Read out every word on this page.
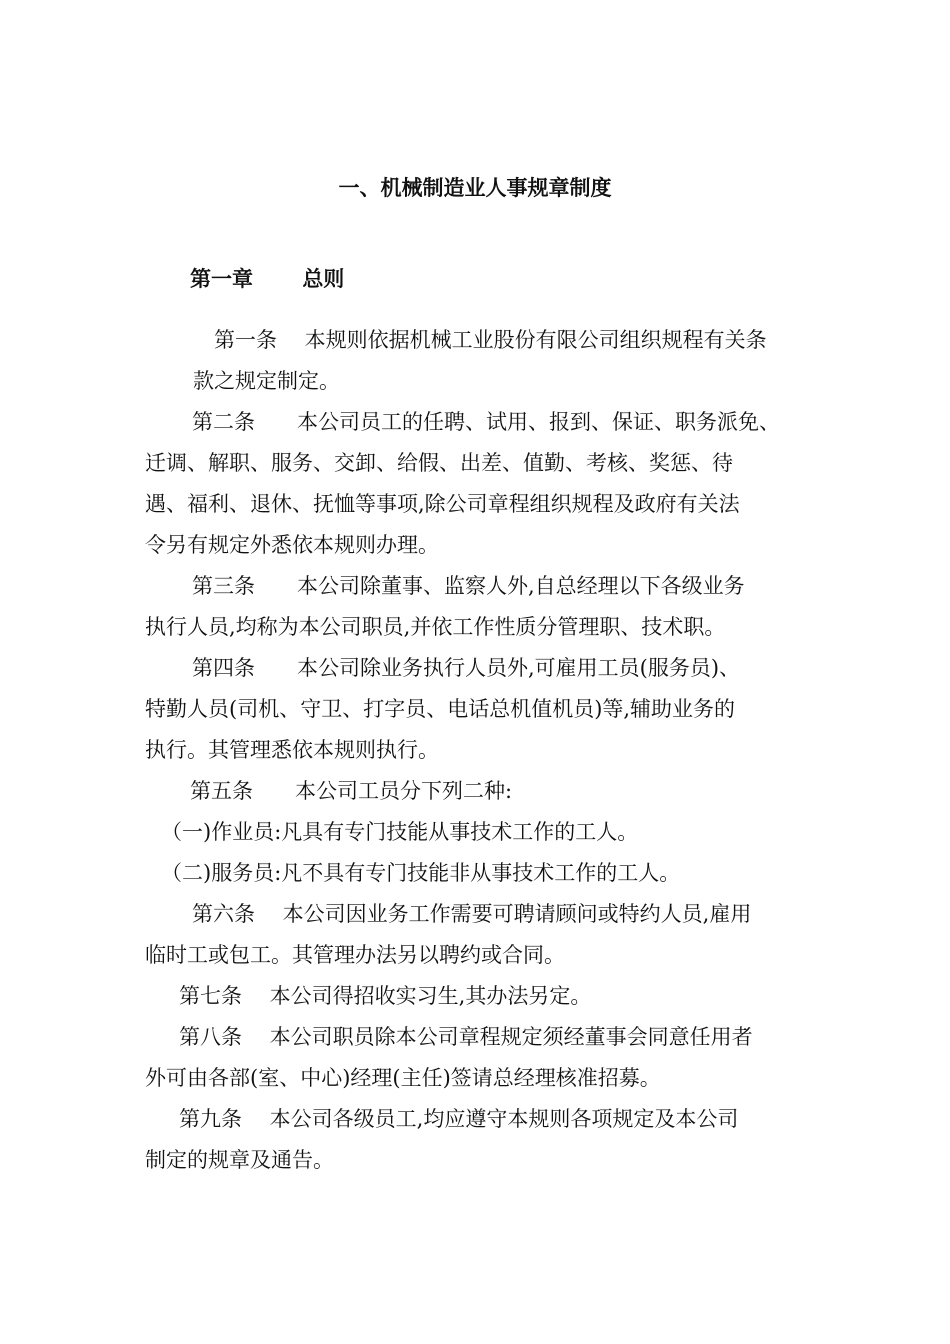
一、机械制造业人事规章制度
第一章　　 总则
　第一条　 本规则依据机械工业股份有限公司组织规程有关条
款之规定制定。
　第二条　　本公司员工的任聘、试用、报到、保证、职务派免、
迁调、解职、服务、交卸、给假、出差、值勤、考核、奖惩、待
遇、福利、退休、抚恤等事项,除公司章程组织规程及政府有关法
令另有规定外悉依本规则办理。
　第三条　　本公司除董事、监察人外,自总经理以下各级业务
执行人员,均称为本公司职员,并依工作性质分管理职、技术职。
　第四条　　本公司除业务执行人员外,可雇用工员(服务员)、
特勤人员(司机、守卫、打字员、电话总机值机员)等,辅助业务的
执行。其管理悉依本规则执行。
　第五条　　本公司工员分下列二种:
（一)作业员:凡具有专门技能从事技术工作的工人。
（二)服务员:凡不具有专门技能非从事技术工作的工人。
　第六条　 本公司因业务工作需要可聘请顾问或特约人员,雇用
临时工或包工。其管理办法另以聘约或合同。
第七条　 本公司得招收实习生,其办法另定。
第八条　 本公司职员除本公司章程规定须经董事会同意任用者
外可由各部(室、中心)经理(主任)签请总经理核准招募。
第九条　 本公司各级员工,均应遵守本规则各项规定及本公司
制定的规章及通告。
